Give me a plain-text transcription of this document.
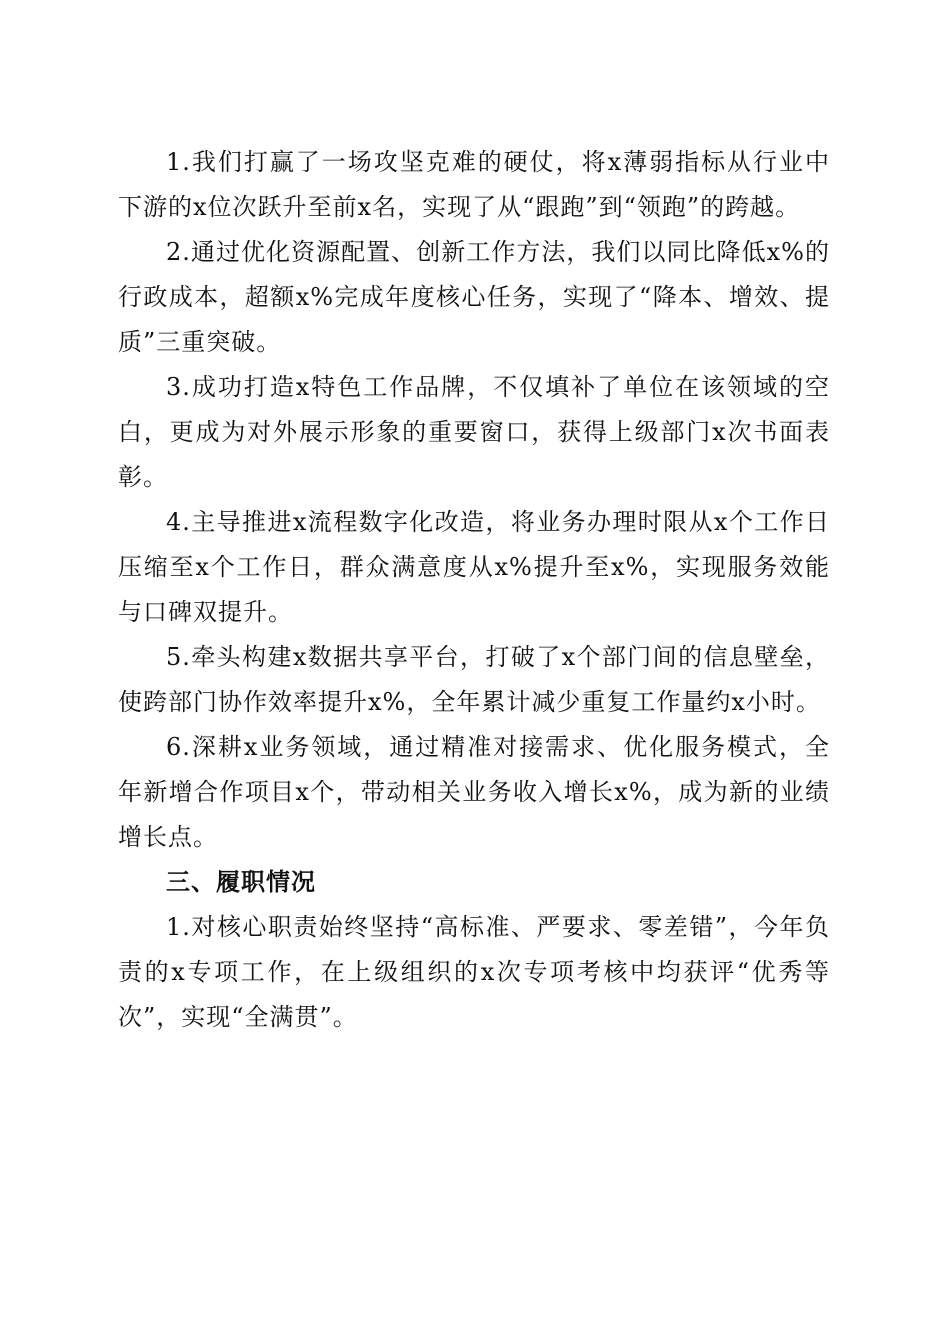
1.我们打赢了一场攻坚克难的硬仗，将x薄弱指标从行业中下游的x位次跃升至前x名，实现了从“跟跑”到“领跑”的跨越。

2.通过优化资源配置、创新工作方法，我们以同比降低x%的行政成本，超额x%完成年度核心任务，实现了“降本、增效、提质”三重突破。

3.成功打造x特色工作品牌，不仅填补了单位在该领域的空白，更成为对外展示形象的重要窗口，获得上级部门x次书面表彰。

4.主导推进x流程数字化改造，将业务办理时限从x个工作日压缩至x个工作日，群众满意度从x%提升至x%，实现服务效能与口碑双提升。

5.牵头构建x数据共享平台，打破了x个部门间的信息壁垒，使跨部门协作效率提升x%，全年累计减少重复工作量约x小时。

6.深耕x业务领域，通过精准对接需求、优化服务模式，全年新增合作项目x个，带动相关业务收入增长x%，成为新的业绩增长点。

三、履职情况

1.对核心职责始终坚持“高标准、严要求、零差错”，今年负责的x专项工作，在上级组织的x次专项考核中均获评“优秀等次”，实现“全满贯”。
